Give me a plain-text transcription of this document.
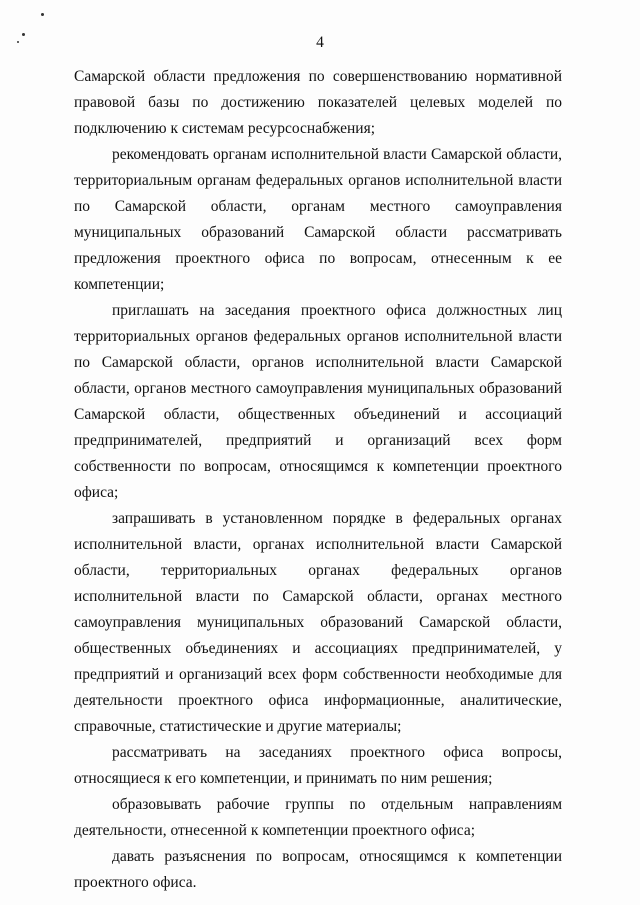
4

Самарской области предложения по совершенствованию нормативной правовой базы по достижению показателей целевых моделей по подключению к системам ресурсоснабжения;

рекомендовать органам исполнительной власти Самарской области, территориальным органам федеральных органов исполнительной власти по Самарской области, органам местного самоуправления муниципальных образований Самарской области рассматривать предложения проектного офиса по вопросам, отнесенным к ее компетенции;

приглашать на заседания проектного офиса должностных лиц территориальных органов федеральных органов исполнительной власти по Самарской области, органов исполнительной власти Самарской области, органов местного самоуправления муниципальных образований Самарской области, общественных объединений и ассоциаций предпринимателей, предприятий и организаций всех форм собственности по вопросам, относящимся к компетенции проектного офиса;

запрашивать в установленном порядке в федеральных органах исполнительной власти, органах исполнительной власти Самарской области, территориальных органах федеральных органов исполнительной власти по Самарской области, органах местного самоуправления муниципальных образований Самарской области, общественных объединениях и ассоциациях предпринимателей, у предприятий и организаций всех форм собственности необходимые для деятельности проектного офиса информационные, аналитические, справочные, статистические и другие материалы;

рассматривать на заседаниях проектного офиса вопросы, относящиеся к его компетенции, и принимать по ним решения;

образовывать рабочие группы по отдельным направлениям деятельности, отнесенной к компетенции проектного офиса;

давать разъяснения по вопросам, относящимся к компетенции проектного офиса.
